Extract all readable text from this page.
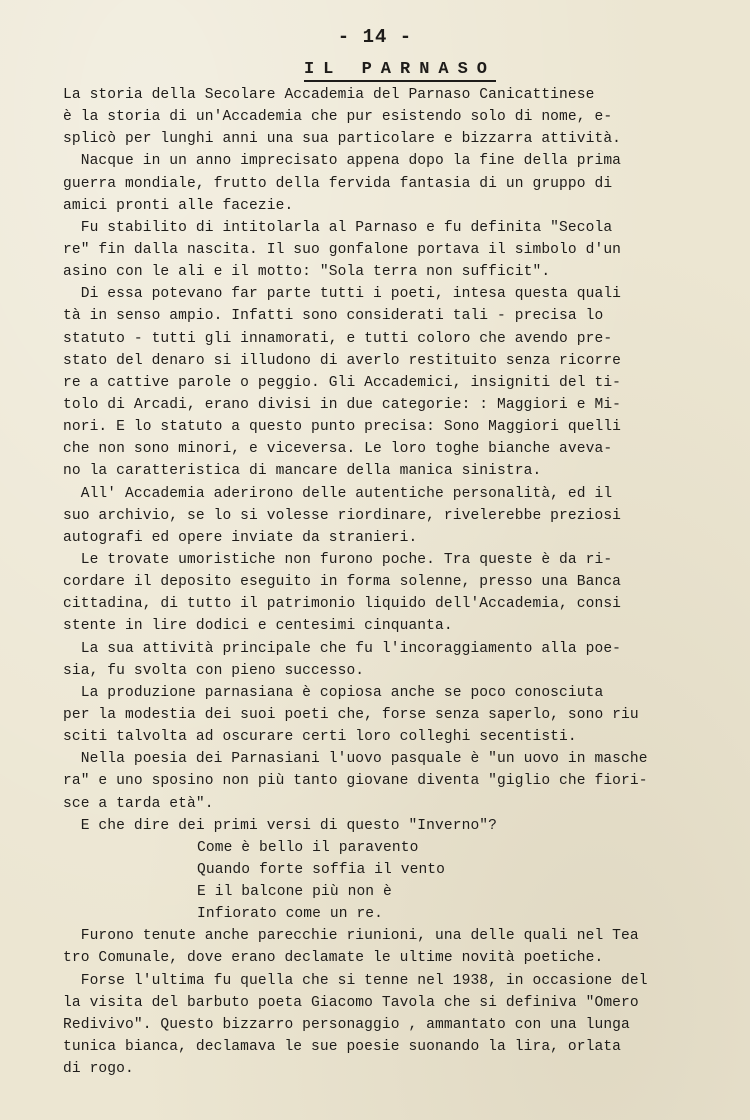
- 14 -
IL PARNASO
La storia della Secolare Accademia del Parnaso Canicattinese
è la storia di un'Accademia che pur esistendo solo di nome, e-
splicò per lunghi anni una sua particolare e bizzarra attività.
Nacque in un anno imprecisato appena dopo la fine della prima
guerra mondiale, frutto della fervida fantasia di un gruppo di
amici pronti alle facezie.
Fu stabilito di intitolarla al Parnaso e fu definita "Secola
re" fin dalla nascita. Il suo gonfalone portava il simbolo d'un
asino con le ali e il motto: "Sola terra non sufficit".
Di essa potevano far parte tutti i poeti, intesa questa quali
tà in senso ampio. Infatti sono considerati tali - precisa lo
statuto - tutti gli innamorati, e tutti coloro che avendo pre-
stato del denaro si illudono di averlo restituito senza ricorre
re a cattive parole o peggio. Gli Accademici, insigniti del ti-
tolo di Arcadi, erano divisi in due categorie: : Maggiori e Mi-
nori. E lo statuto a questo punto precisa: Sono Maggiori quelli
che non sono minori, e viceversa. Le loro toghe bianche aveva-
no la caratteristica di mancare della manica sinistra.
All' Accademia aderirono delle autentiche personalità, ed il
suo archivio, se lo si volesse riordinare, rivelerebbe preziosi
autografi ed opere inviate da stranieri.
Le trovate umoristiche non furono poche. Tra queste è da ri-
cordare il deposito eseguito in forma solenne, presso una Banca
cittadina, di tutto il patrimonio liquido dell'Accademia, consi
stente in lire dodici e centesimi cinquanta.
La sua attività principale che fu l'incoraggiamento alla poe-
sia, fu svolta con pieno successo.
La produzione parnasiana è copiosa anche se poco conosciuta
per la modestia dei suoi poeti che, forse senza saperlo, sono riu
sciti talvolta ad oscurare certi loro colleghi secentisti.
Nella poesia dei Parnasiani l'uovo pasquale è "un uovo in masche
ra" e uno sposino non più tanto giovane diventa "giglio che fiori-
sce a tarda età".
E che dire dei primi versi di questo "Inverno"?
Come è bello il paravento
Quando forte soffia il vento
E il balcone più non è
Infiorato come un re.
Furono tenute anche parecchie riunioni, una delle quali nel Tea
tro Comunale, dove erano declamate le ultime novità poetiche.
Forse l'ultima fu quella che si tenne nel 1938, in occasione del
la visita del barbuto poeta Giacomo Tavola che si definiva "Omero
Redivivo". Questo bizzarro personaggio , ammantato con una lunga
tunica bianca, declamava le sue poesie suonando la lira, orlata
di rogo.
